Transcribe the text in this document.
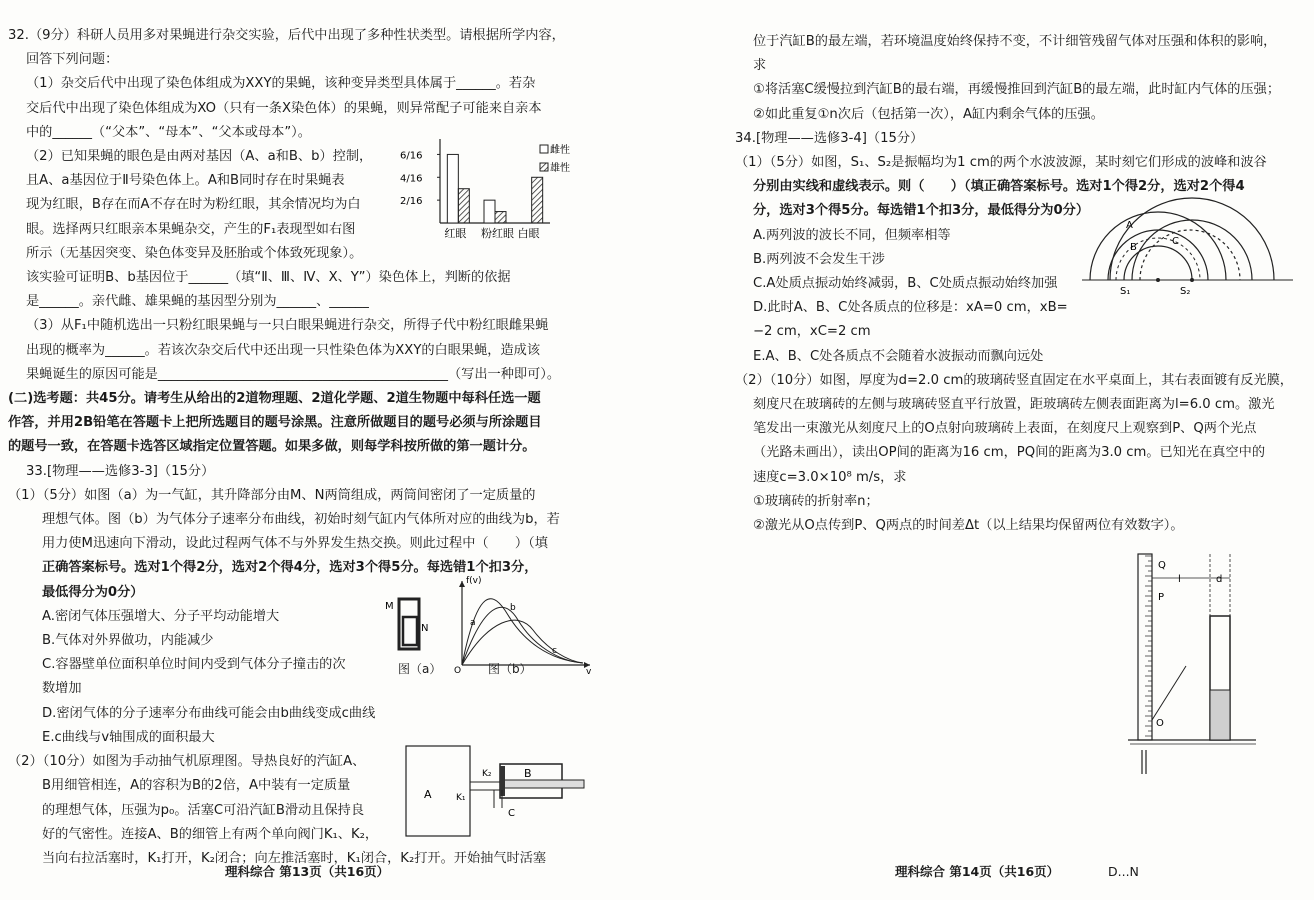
32.（9分）科研人员用多对果蝇进行杂交实验，后代中出现了多种性状类型。请根据所学内容，

回答下列问题：

（1）杂交后代中出现了染色体组成为XXY的果蝇，该种变异类型具体属于______。若杂

交后代中出现了染色体组成为XO（只有一条X染色体）的果蝇，则异常配子可能来自亲本

中的______（“父本”、“母本”、“父本或母本”）。

（2）已知果蝇的眼色是由两对基因（A、a和B、b）控制，

且A、a基因位于Ⅱ号染色体上。A和B同时存在时果蝇表

现为红眼，B存在而A不存在时为粉红眼，其余情况均为白

眼。选择两只红眼亲本果蝇杂交，产生的F₁表现型如右图

所示（无基因突变、染色体变异及胚胎或个体致死现象）。

6/16
4/16
2/16
红眼 粉红眼 白眼
雌性
雄性

该实验可证明B、b基因位于______（填“Ⅱ、Ⅲ、Ⅳ、X、Y”）染色体上，判断的依据

是______。亲代雌、雄果蝇的基因型分别为______、______

（3）从F₁中随机选出一只粉红眼果蝇与一只白眼果蝇进行杂交，所得子代中粉红眼雌果蝇

出现的概率为______。若该次杂交后代中还出现一只性染色体为XXY的白眼果蝇，造成该

果蝇诞生的原因可能是____________________________________________（写出一种即可）。

(二)选考题：共45分。请考生从给出的2道物理题、2道化学题、2道生物题中每科任选一题

作答，并用2B铅笔在答题卡上把所选题目的题号涂黑。注意所做题目的题号必须与所涂题目

的题号一致，在答题卡选答区域指定位置答题。如果多做，则每学科按所做的第一题计分。

33.[物理——选修3-3]（15分）

（1）（5分）如图（a）为一气缸，其升降部分由M、N两筒组成，两筒间密闭了一定质量的

理想气体。图（b）为气体分子速率分布曲线，初始时刻气缸内气体所对应的曲线为b，若

用力使M迅速向下滑动，设此过程两气体不与外界发生热交换。则此过程中（　　）（填

正确答案标号。选对1个得2分，选对2个得4分，选对3个得5分。每选错1个扣3分，

最低得分为0分）

A.密闭气体压强增大、分子平均动能增大

B.气体对外界做功，内能减少

C.容器壁单位面积单位时间内受到气体分子撞击的次

数增加

D.密闭气体的分子速率分布曲线可能会由b曲线变成c曲线

E.c曲线与v轴围成的面积最大

M
N
f(v)
O	v
a
b
c

图（a）	图（b）

（2）（10分）如图为手动抽气机原理图。导热良好的汽缸A、

B用细管相连，A的容积为B的2倍，A中装有一定质量

的理想气体，压强为p₀。活塞C可沿汽缸B滑动且保持良

好的气密性。连接A、B的细管上有两个单向阀门K₁、K₂，

当向右拉活塞时，K₁打开，K₂闭合；向左推活塞时，K₁闭合，K₂打开。开始抽气时活塞

A
B
C
K₁
K₂

理科综合 第13页（共16页）

位于汽缸B的最左端，若环境温度始终保持不变，不计细管残留气体对压强和体积的影响，

求

①将活塞C缓慢拉到汽缸B的最右端，再缓慢推回到汽缸B的最左端，此时缸内气体的压强；

②如此重复①n次后（包括第一次），A缸内剩余气体的压强。

34.[物理——选修3-4]（15分）

（1）（5分）如图，S₁、S₂是振幅均为1 cm的两个水波波源，某时刻它们形成的波峰和波谷

分别由实线和虚线表示。则（　　）（填正确答案标号。选对1个得2分，选对2个得4

分，选对3个得5分。每选错1个扣3分，最低得分为0分）

A.两列波的波长不同，但频率相等

B.两列波不会发生干涉

C.A处质点振动始终减弱，B、C处质点振动始终加强

D.此时A、B、C处各质点的位移是：xA=0 cm，xB=

−2 cm，xC=2 cm

E.A、B、C处各质点不会随着水波振动而飘向远处

A
B
C
S₁	S₂

（2）（10分）如图，厚度为d=2.0 cm的玻璃砖竖直固定在水平桌面上，其右表面镀有反光膜，

刻度尺在玻璃砖的左侧与玻璃砖竖直平行放置，距玻璃砖左侧表面距离为l=6.0 cm。激光

笔发出一束激光从刻度尺上的O点射向玻璃砖上表面，在刻度尺上观察到P、Q两个光点

（光路未画出），读出OP间的距离为16 cm，PQ间的距离为3.0 cm。已知光在真空中的

速度c=3.0×10⁸ m/s，求

①玻璃砖的折射率n；

②激光从O点传到P、Q两点的时间差Δt（以上结果均保留两位有效数字）。

Q
P
O
l	d

理科综合 第14页（共16页）	D...N
